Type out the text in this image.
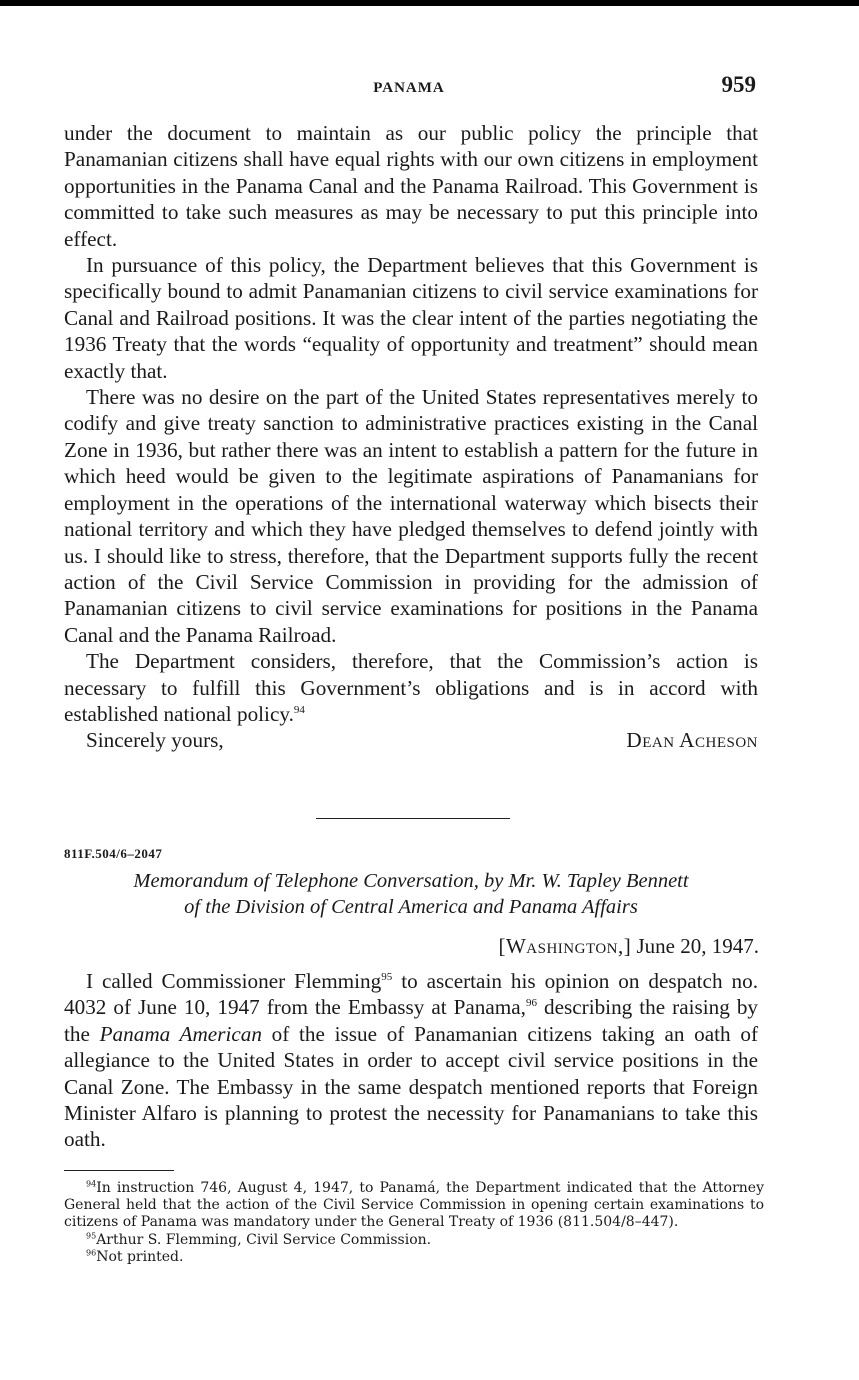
PANAMA	959

under the document to maintain as our public policy the principle that Panamanian citizens shall have equal rights with our own citizens in employment opportunities in the Panama Canal and the Panama Railroad. This Government is committed to take such measures as may be necessary to put this principle into effect.

In pursuance of this policy, the Department believes that this Government is specifically bound to admit Panamanian citizens to civil service examinations for Canal and Railroad positions. It was the clear intent of the parties negotiating the 1936 Treaty that the words “equality of opportunity and treatment” should mean exactly that.

There was no desire on the part of the United States representatives merely to codify and give treaty sanction to administrative practices existing in the Canal Zone in 1936, but rather there was an intent to establish a pattern for the future in which heed would be given to the legitimate aspirations of Panamanians for employment in the operations of the international waterway which bisects their national territory and which they have pledged themselves to defend jointly with us. I should like to stress, therefore, that the Department supports fully the recent action of the Civil Service Commission in providing for the admission of Panamanian citizens to civil service examinations for positions in the Panama Canal and the Panama Railroad.

The Department considers, therefore, that the Commission’s action is necessary to fulfill this Government’s obligations and is in accord with established national policy.$^{94}$

Sincerely yours,	Dean Acheson
811F.504/6–2047
Memorandum of Telephone Conversation, by Mr. W. Tapley Bennett
of the Division of Central America and Panama Affairs
[Washington,] June 20, 1947.

I called Commissioner Flemming$^{95}$ to ascertain his opinion on despatch no. 4032 of June 10, 1947 from the Embassy at Panama,$^{96}$ describing the raising by the Panama American of the issue of Panamanian citizens taking an oath of allegiance to the United States in order to accept civil service positions in the Canal Zone. The Embassy in the same despatch mentioned reports that Foreign Minister Alfaro is planning to protest the necessity for Panamanians to take this oath.

$^{94}$In instruction 746, August 4, 1947, to Panamá, the Department indicated that the Attorney General held that the action of the Civil Service Commission in opening certain examinations to citizens of Panama was mandatory under the General Treaty of 1936 (811.504/8–447).

$^{95}$Arthur S. Flemming, Civil Service Commission.

$^{96}$Not printed.
